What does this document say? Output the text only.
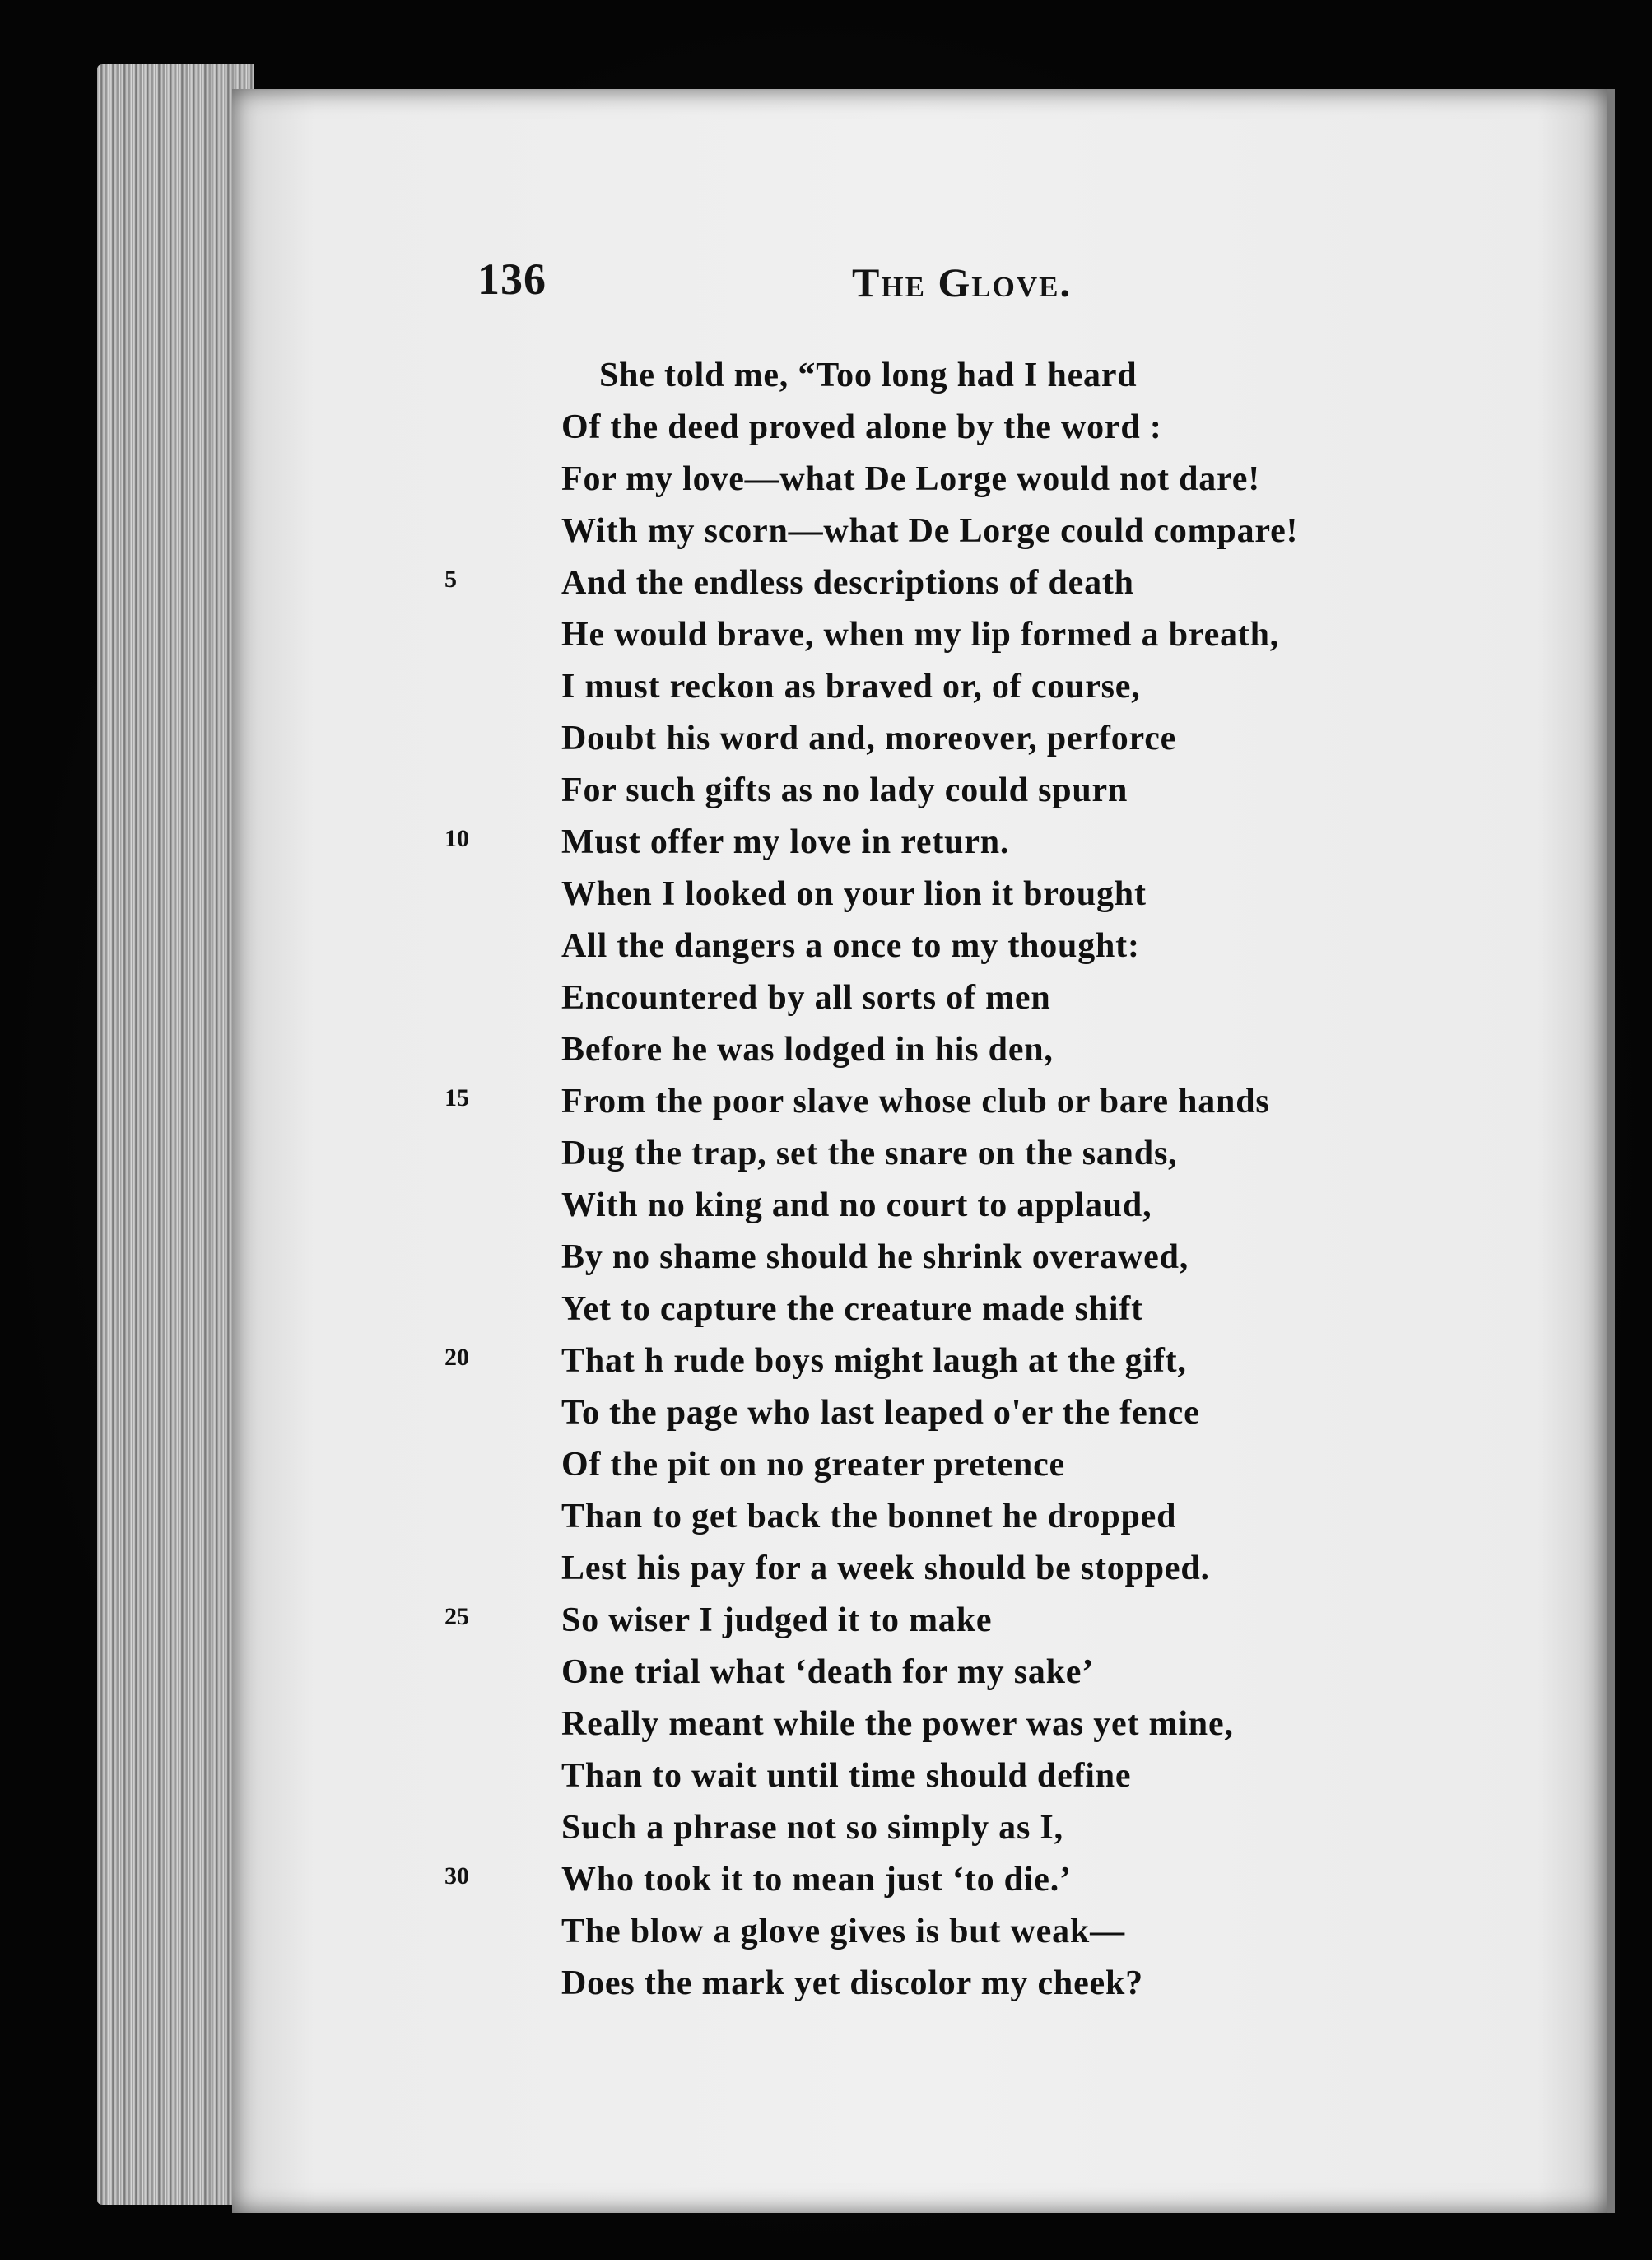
136	The Glove.
She told me, “Too long had I heard
Of the deed proved alone by the word :
For my love—what De Lorge would not dare!
With my scorn—what De Lorge could compare!
And the endless descriptions of death
He would brave, when my lip formed a breath,
I must reckon as braved or, of course,
Doubt his word and, moreover, perforce
For such gifts as no lady could spurn
Must offer my love in return.
When I looked on your lion it brought
All the dangers a once to my thought:
Encountered by all sorts of men
Before he was lodged in his den,
From the poor slave whose club or bare hands
Dug the trap, set the snare on the sands,
With no king and no court to applaud,
By no shame should he shrink overawed,
Yet to capture the creature made shift
That h rude boys might laugh at the gift,
To the page who last leaped o'er the fence
Of the pit on no greater pretence
Than to get back the bonnet he dropped
Lest his pay for a week should be stopped.
So wiser I judged it to make
One trial what ‘death for my sake’
Really meant while the power was yet mine,
Than to wait until time should define
Such a phrase not so simply as I,
Who took it to mean just ‘to die.’
The blow a glove gives is but weak—
Does the mark yet discolor my cheek?
5
10
15
20
25
30
